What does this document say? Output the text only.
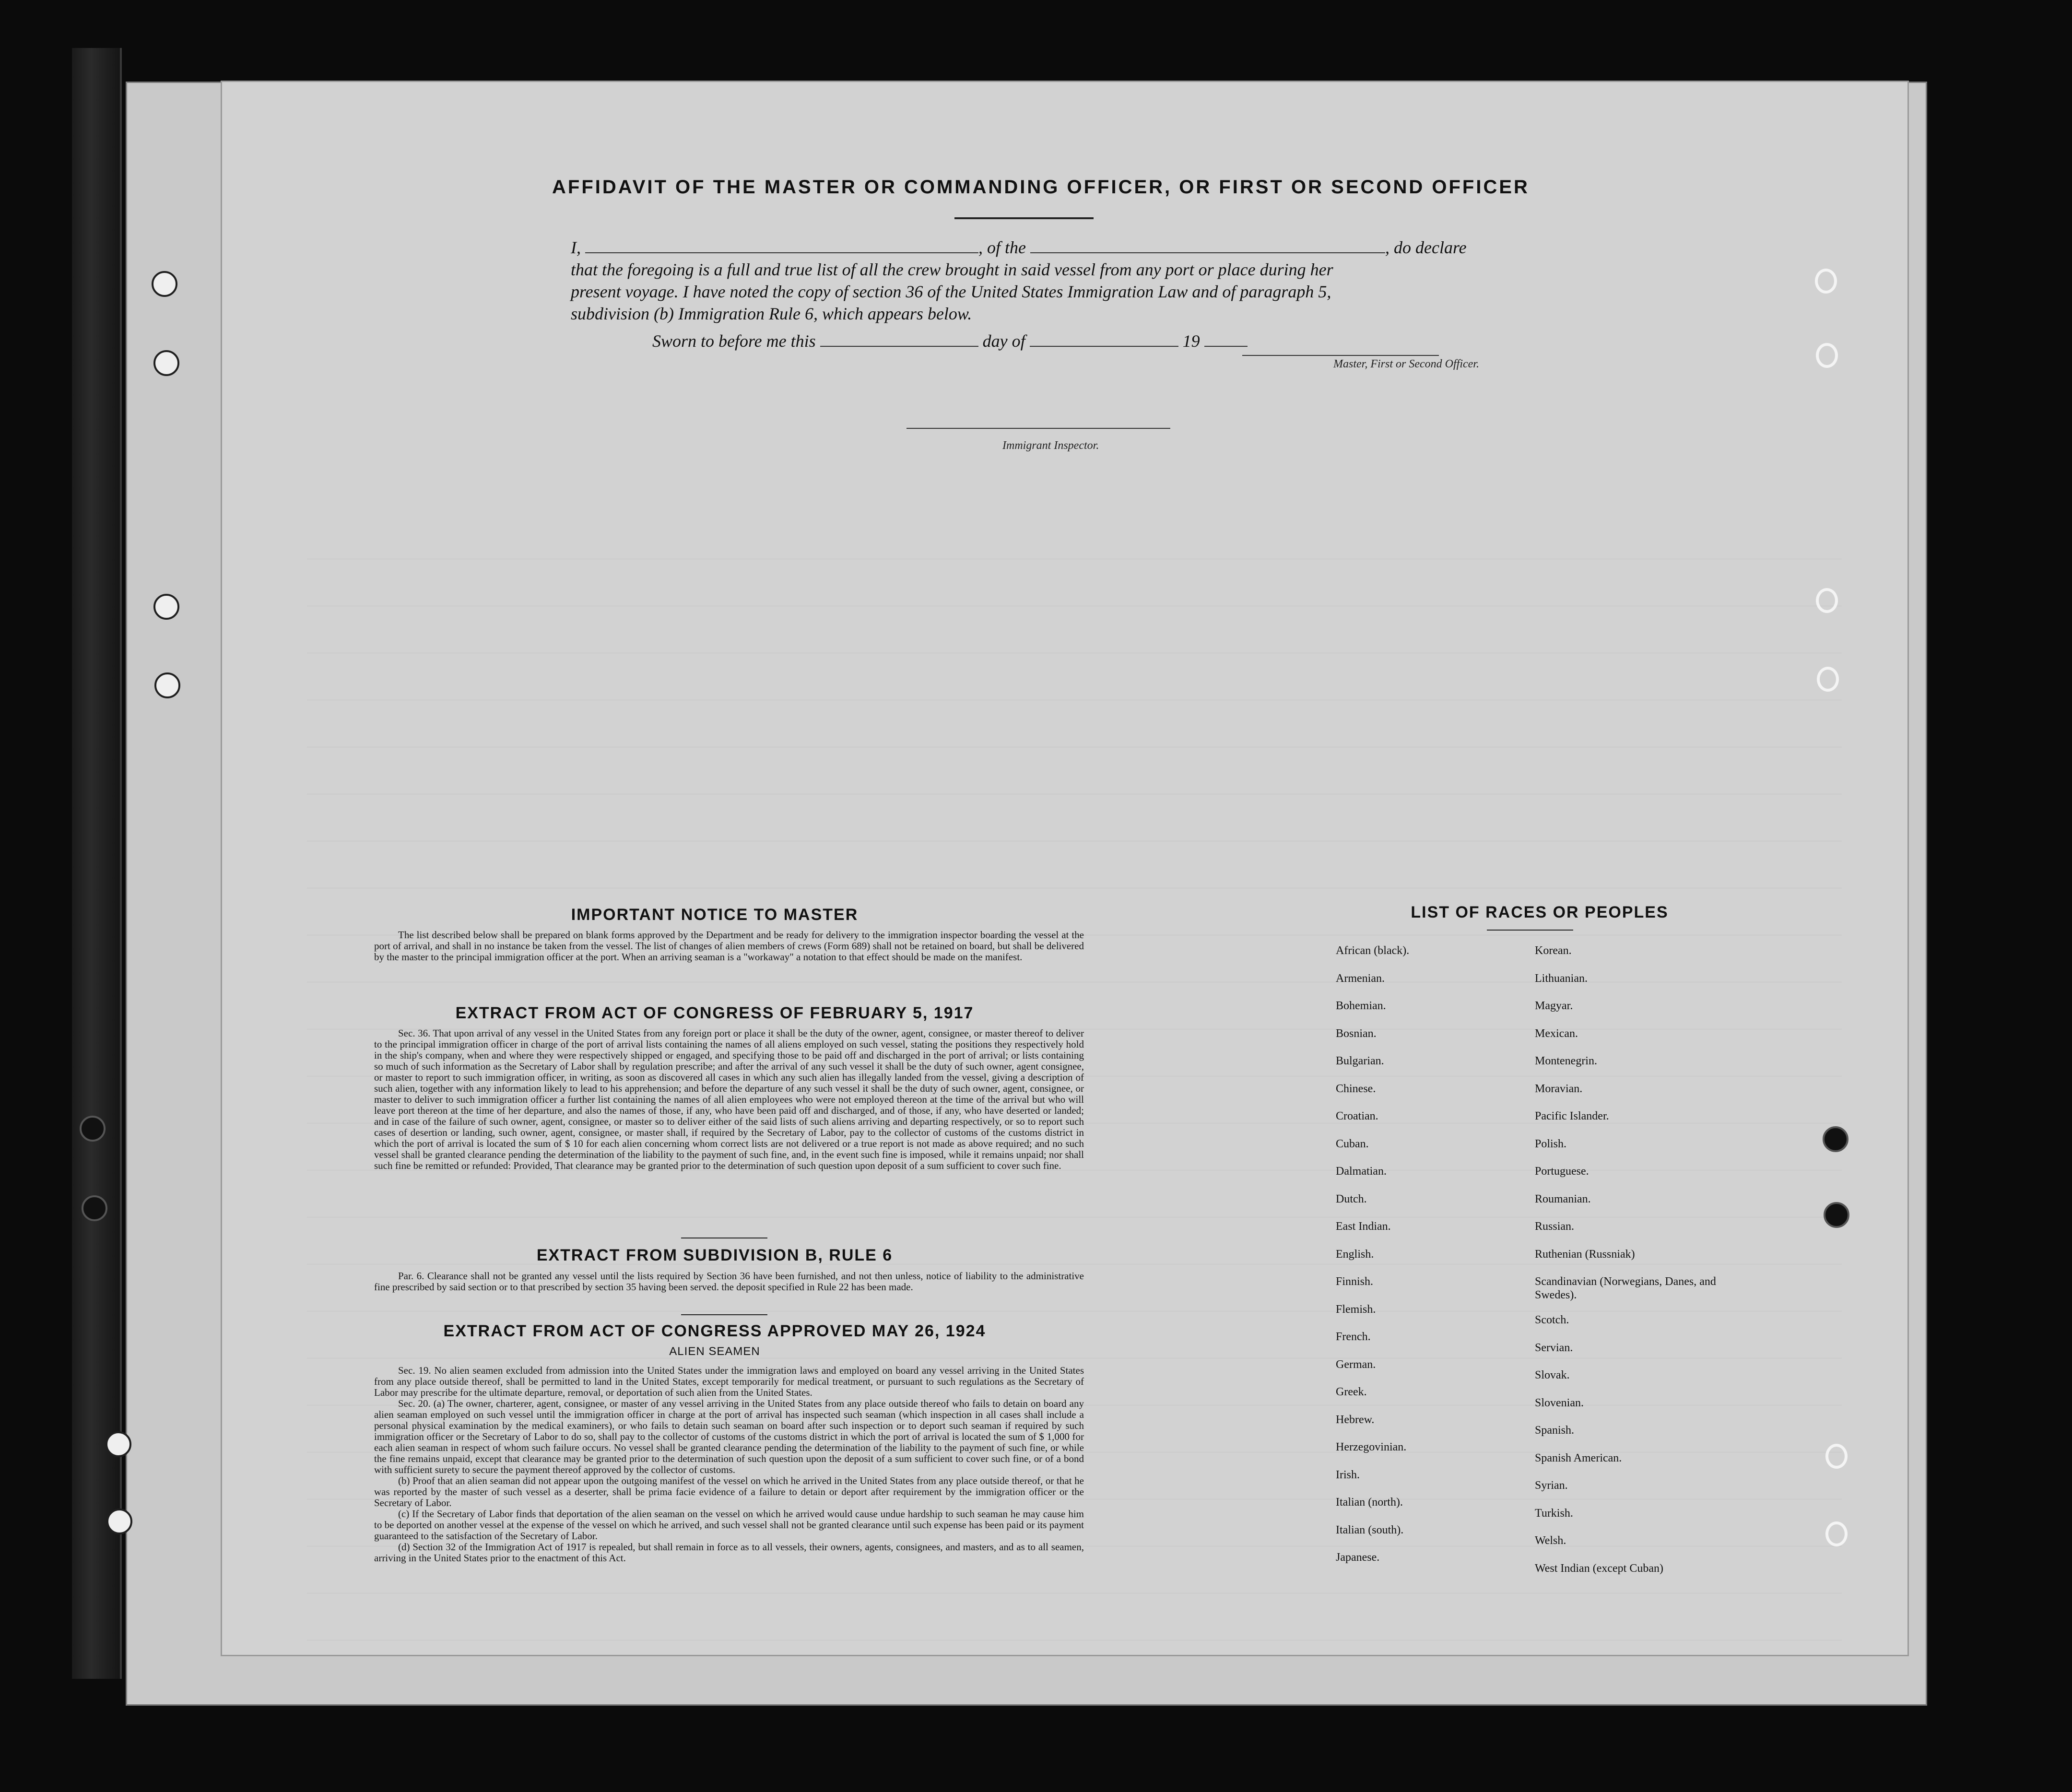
AFFIDAVIT OF THE MASTER OR COMMANDING OFFICER, OR FIRST OR SECOND OFFICER
I,	, of the	, do declare
that the foregoing is a full and true list of all the crew brought in said vessel from any port or place during her
present voyage. I have noted the copy of section 36 of the United States Immigration Law and of paragraph 5,
subdivision (b) Immigration Rule 6, which appears below.
Master, First or Second Officer.
Sworn to before me this	day of	19
Immigrant Inspector.
IMPORTANT NOTICE TO MASTER

The list described below shall be prepared on blank forms approved by the Department and be ready for delivery to the immigration inspector boarding the vessel at the port of arrival, and shall in no instance be taken from the vessel. The list of changes of alien members of crews (Form 689) shall not be retained on board, but shall be delivered by the master to the principal immigration officer at the port. When an arriving seaman is a "workaway" a notation to that effect should be made on the manifest.

EXTRACT FROM ACT OF CONGRESS OF FEBRUARY 5, 1917

Sec. 36. That upon arrival of any vessel in the United States from any foreign port or place it shall be the duty of the owner, agent, consignee, or master thereof to deliver to the principal immigration officer in charge of the port of arrival lists containing the names of all aliens employed on such vessel, stating the positions they respectively hold in the ship's company, when and where they were respectively shipped or engaged, and specifying those to be paid off and discharged in the port of arrival; or lists containing so much of such information as the Secretary of Labor shall by regulation prescribe; and after the arrival of any such vessel it shall be the duty of such owner, agent consignee, or master to report to such immigration officer, in writing, as soon as discovered all cases in which any such alien has illegally landed from the vessel, giving a description of such alien, together with any information likely to lead to his apprehension; and before the departure of any such vessel it shall be the duty of such owner, agent, consignee, or master to deliver to such immigration officer a further list containing the names of all alien employees who were not employed thereon at the time of the arrival but who will leave port thereon at the time of her departure, and also the names of those, if any, who have been paid off and discharged, and of those, if any, who have deserted or landed; and in case of the failure of such owner, agent, consignee, or master so to deliver either of the said lists of such aliens arriving and departing respectively, or so to report such cases of desertion or landing, such owner, agent, consignee, or master shall, if required by the Secretary of Labor, pay to the collector of customs of the customs district in which the port of arrival is located the sum of $ 10 for each alien concerning whom correct lists are not delivered or a true report is not made as above required; and no such vessel shall be granted clearance pending the determination of the liability to the payment of such fine, and, in the event such fine is imposed, while it remains unpaid; nor shall such fine be remitted or refunded: Provided, That clearance may be granted prior to the determination of such question upon deposit of a sum sufficient to cover such fine.

EXTRACT FROM SUBDIVISION B, RULE 6

Par. 6. Clearance shall not be granted any vessel until the lists required by Section 36 have been furnished, and not then unless, notice of liability to the administrative fine prescribed by said section or to that prescribed by section 35 having been served. the deposit specified in Rule 22 has been made.

EXTRACT FROM ACT OF CONGRESS APPROVED MAY 26, 1924
ALIEN SEAMEN

Sec. 19. No alien seamen excluded from admission into the United States under the immigration laws and employed on board any vessel arriving in the United States from any place outside thereof, shall be permitted to land in the United States, except temporarily for medical treatment, or pursuant to such regulations as the Secretary of Labor may prescribe for the ultimate departure, removal, or deportation of such alien from the United States.

Sec. 20. (a) The owner, charterer, agent, consignee, or master of any vessel arriving in the United States from any place outside thereof who fails to detain on board any alien seaman employed on such vessel until the immigration officer in charge at the port of arrival has inspected such seaman (which inspection in all cases shall include a personal physical examination by the medical examiners), or who fails to detain such seaman on board after such inspection or to deport such seaman if required by such immigration officer or the Secretary of Labor to do so, shall pay to the collector of customs of the customs district in which the port of arrival is located the sum of $ 1,000 for each alien seaman in respect of whom such failure occurs. No vessel shall be granted clearance pending the determination of the liability to the payment of such fine, or while the fine remains unpaid, except that clearance may be granted prior to the determination of such question upon the deposit of a sum sufficient to cover such fine, or of a bond with sufficient surety to secure the payment thereof approved by the collector of customs.

(b) Proof that an alien seaman did not appear upon the outgoing manifest of the vessel on which he arrived in the United States from any place outside thereof, or that he was reported by the master of such vessel as a deserter, shall be prima facie evidence of a failure to detain or deport after requirement by the immigration officer or the Secretary of Labor.

(c) If the Secretary of Labor finds that deportation of the alien seaman on the vessel on which he arrived would cause undue hardship to such seaman he may cause him to be deported on another vessel at the expense of the vessel on which he arrived, and such vessel shall not be granted clearance until such expense has been paid or its payment guaranteed to the satisfaction of the Secretary of Labor.

(d) Section 32 of the Immigration Act of 1917 is repealed, but shall remain in force as to all vessels, their owners, agents, consignees, and masters, and as to all seamen, arriving in the United States prior to the enactment of this Act.

LIST OF RACES OR PEOPLES
African (black).
Armenian.
Bohemian.
Bosnian.
Bulgarian.
Chinese.
Croatian.
Cuban.
Dalmatian.
Dutch.
East Indian.
English.
Finnish.
Flemish.
French.
German.
Greek.
Hebrew.
Herzegovinian.
Irish.
Italian (north).
Italian (south).
Japanese.
Korean.
Lithuanian.
Magyar.
Mexican.
Montenegrin.
Moravian.
Pacific Islander.
Polish.
Portuguese.
Roumanian.
Russian.
Ruthenian (Russniak)
Scandinavian (Norwegians, Danes, and Swedes).
Scotch.
Servian.
Slovak.
Slovenian.
Spanish.
Spanish American.
Syrian.
Turkish.
Welsh.
West Indian (except Cuban)
